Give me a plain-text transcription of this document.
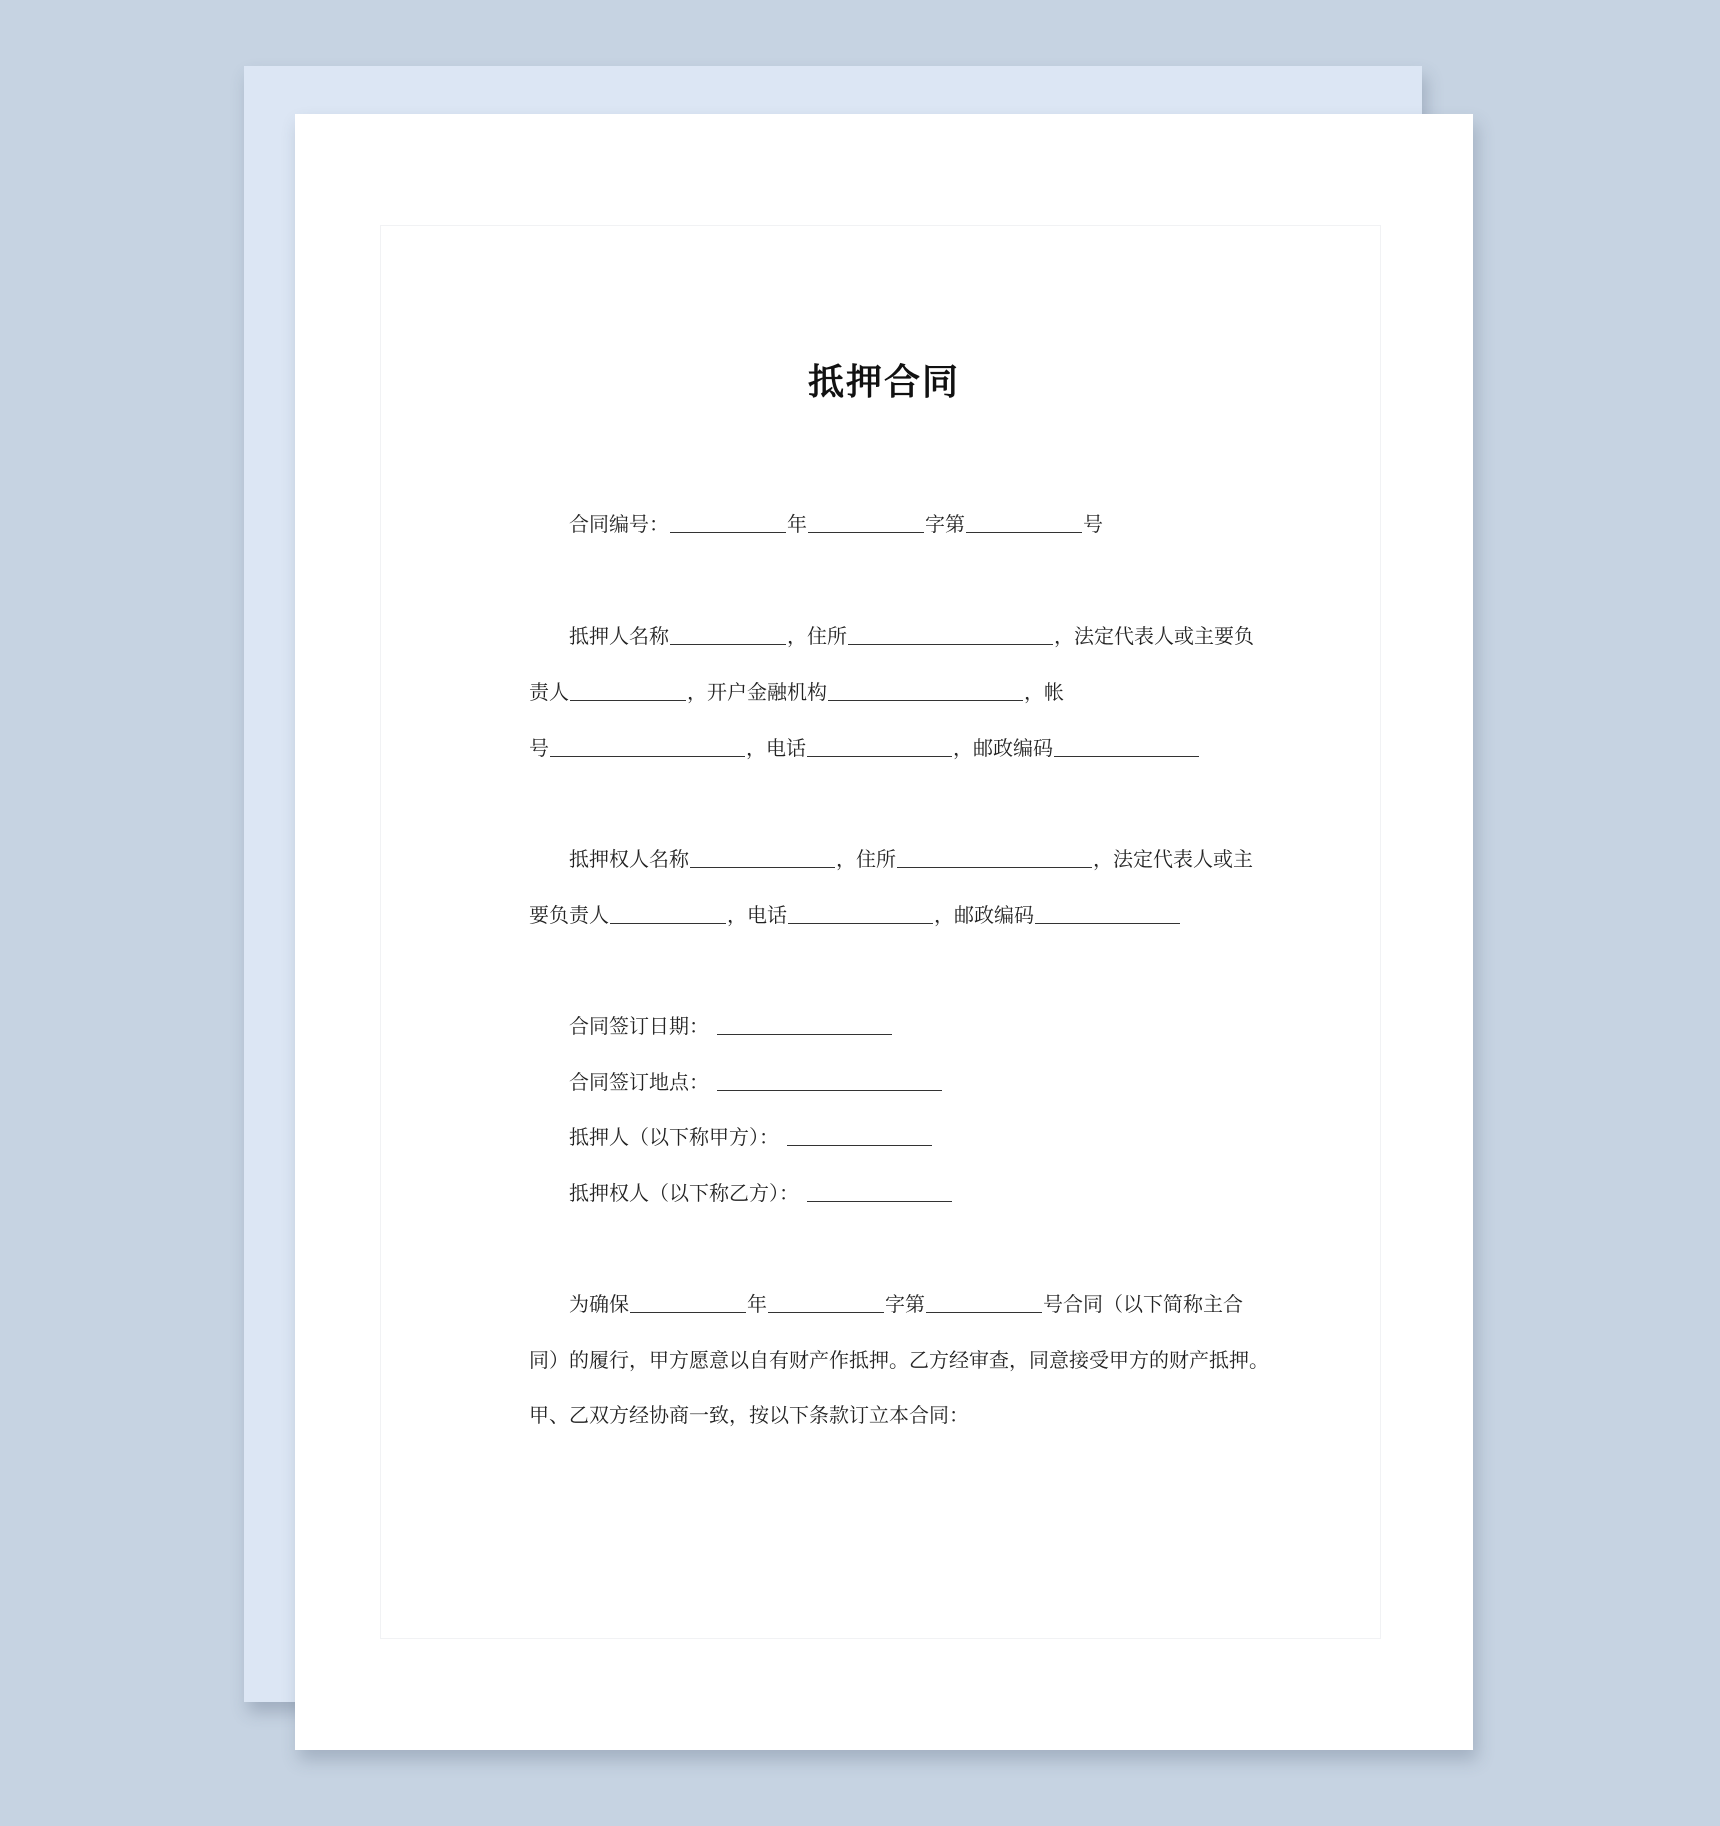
抵押合同
合同编号：	年	字第	号
抵押人名称	，住所	，法定代表人或主要负
责人	，开户金融机构	，帐
号	，电话	，邮政编码
抵押权人名称	，住所	，法定代表人或主
要负责人	，电话	，邮政编码
合同签订日期：
合同签订地点：
抵押人（以下称甲方）：
抵押权人（以下称乙方）：
为确保	年	字第	号合同（以下简称主合
同）的履行，甲方愿意以自有财产作抵押。乙方经审查，同意接受甲方的财产抵押。
甲、乙双方经协商一致，按以下条款订立本合同：
